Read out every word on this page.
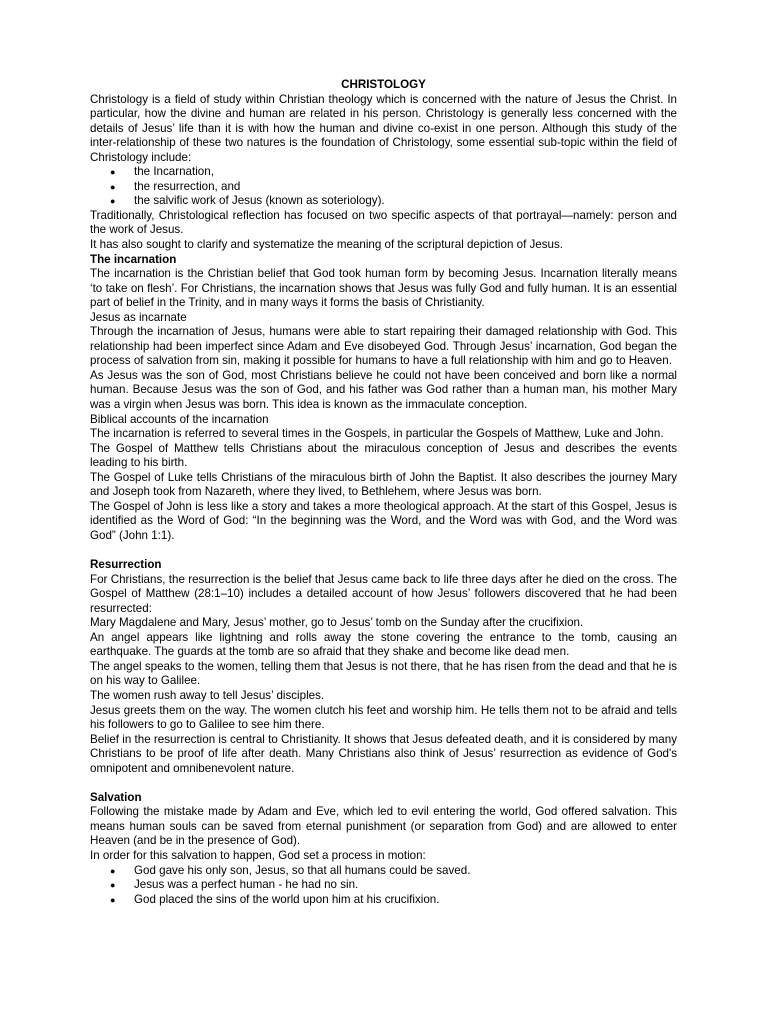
CHRISTOLOGY

Christology is a field of study within Christian theology which is concerned with the nature of Jesus the Christ. In particular, how the divine and human are related in his person. Christology is generally less concerned with the details of Jesus’ life than it is with how the human and divine co-exist in one person. Although this study of the inter-relationship of these two natures is the foundation of Christology, some essential sub-topic within the field of Christology include:

● the Incarnation,
● the resurrection, and
● the salvific work of Jesus (known as soteriology).

Traditionally, Christological reflection has focused on two specific aspects of that portrayal—namely: person and the work of Jesus.

It has also sought to clarify and systematize the meaning of the scriptural depiction of Jesus.

The incarnation

The incarnation is the Christian belief that God took human form by becoming Jesus. Incarnation literally means ‘to take on flesh’. For Christians, the incarnation shows that Jesus was fully God and fully human. It is an essential part of belief in the Trinity, and in many ways it forms the basis of Christianity.

Jesus as incarnate

Through the incarnation of Jesus, humans were able to start repairing their damaged relationship with God. This relationship had been imperfect since Adam and Eve disobeyed God. Through Jesus’ incarnation, God began the process of salvation from sin, making it possible for humans to have a full relationship with him and go to Heaven.

As Jesus was the son of God, most Christians believe he could not have been conceived and born like a normal human. Because Jesus was the son of God, and his father was God rather than a human man, his mother Mary was a virgin when Jesus was born. This idea is known as the immaculate conception.

Biblical accounts of the incarnation

The incarnation is referred to several times in the Gospels, in particular the Gospels of Matthew, Luke and John.

The Gospel of Matthew tells Christians about the miraculous conception of Jesus and describes the events leading to his birth.

The Gospel of Luke tells Christians of the miraculous birth of John the Baptist. It also describes the journey Mary and Joseph took from Nazareth, where they lived, to Bethlehem, where Jesus was born.

The Gospel of John is less like a story and takes a more theological approach. At the start of this Gospel, Jesus is identified as the Word of God: “In the beginning was the Word, and the Word was with God, and the Word was God” (John 1:1).

Resurrection

For Christians, the resurrection is the belief that Jesus came back to life three days after he died on the cross. The Gospel of Matthew (28:1–10) includes a detailed account of how Jesus’ followers discovered that he had been resurrected:

Mary Magdalene and Mary, Jesus’ mother, go to Jesus’ tomb on the Sunday after the crucifixion.

An angel appears like lightning and rolls away the stone covering the entrance to the tomb, causing an earthquake. The guards at the tomb are so afraid that they shake and become like dead men.

The angel speaks to the women, telling them that Jesus is not there, that he has risen from the dead and that he is on his way to Galilee.

The women rush away to tell Jesus’ disciples.

Jesus greets them on the way. The women clutch his feet and worship him. He tells them not to be afraid and tells his followers to go to Galilee to see him there.

Belief in the resurrection is central to Christianity. It shows that Jesus defeated death, and it is considered by many Christians to be proof of life after death. Many Christians also think of Jesus’ resurrection as evidence of God's omnipotent and omnibenevolent nature.

Salvation

Following the mistake made by Adam and Eve, which led to evil entering the world, God offered salvation. This means human souls can be saved from eternal punishment (or separation from God) and are allowed to enter Heaven (and be in the presence of God).

In order for this salvation to happen, God set a process in motion:

● God gave his only son, Jesus, so that all humans could be saved.
● Jesus was a perfect human - he had no sin.
● God placed the sins of the world upon him at his crucifixion.
